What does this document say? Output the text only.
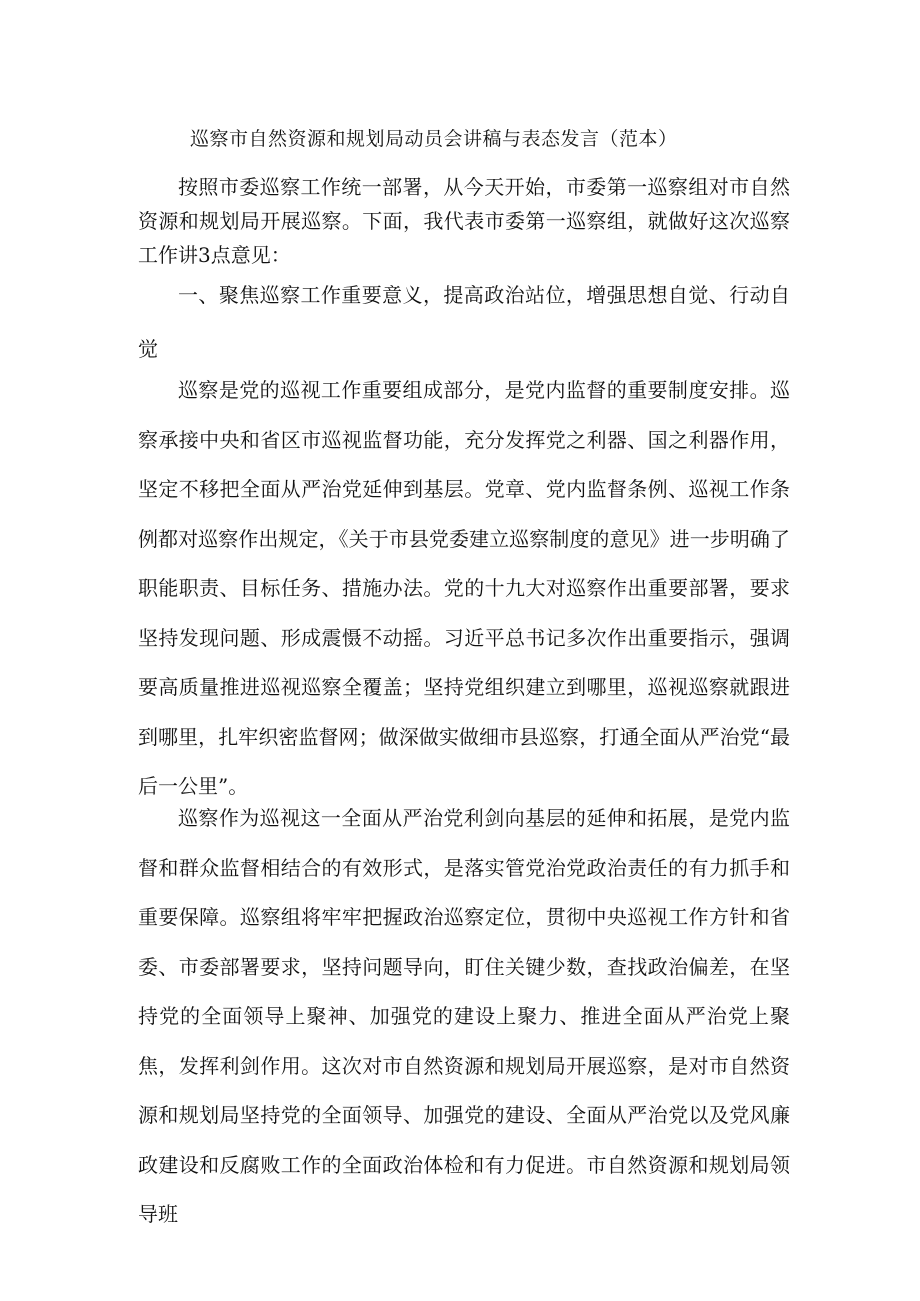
巡察市自然资源和规划局动员会讲稿与表态发言（范本）

按照市委巡察工作统一部署，从今天开始，市委第一巡察组对市自然资源和规划局开展巡察。下面，我代表市委第一巡察组，就做好这次巡察工作讲3点意见：

一、聚焦巡察工作重要意义，提高政治站位，增强思想自觉、行动自觉

巡察是党的巡视工作重要组成部分，是党内监督的重要制度安排。巡察承接中央和省区市巡视监督功能，充分发挥党之利器、国之利器作用，坚定不移把全面从严治党延伸到基层。党章、党内监督条例、巡视工作条例都对巡察作出规定，《关于市县党委建立巡察制度的意见》进一步明确了职能职责、目标任务、措施办法。党的十九大对巡察作出重要部署，要求坚持发现问题、形成震慑不动摇。习近平总书记多次作出重要指示，强调要高质量推进巡视巡察全覆盖；坚持党组织建立到哪里，巡视巡察就跟进到哪里，扎牢织密监督网；做深做实做细市县巡察，打通全面从严治党“最后一公里”。

巡察作为巡视这一全面从严治党利剑向基层的延伸和拓展，是党内监督和群众监督相结合的有效形式，是落实管党治党政治责任的有力抓手和重要保障。巡察组将牢牢把握政治巡察定位，贯彻中央巡视工作方针和省委、市委部署要求，坚持问题导向，盯住关键少数，查找政治偏差，在坚持党的全面领导上聚神、加强党的建设上聚力、推进全面从严治党上聚焦，发挥利剑作用。这次对市自然资源和规划局开展巡察，是对市自然资源和规划局坚持党的全面领导、加强党的建设、全面从严治党以及党风廉政建设和反腐败工作的全面政治体检和有力促进。市自然资源和规划局领导班
